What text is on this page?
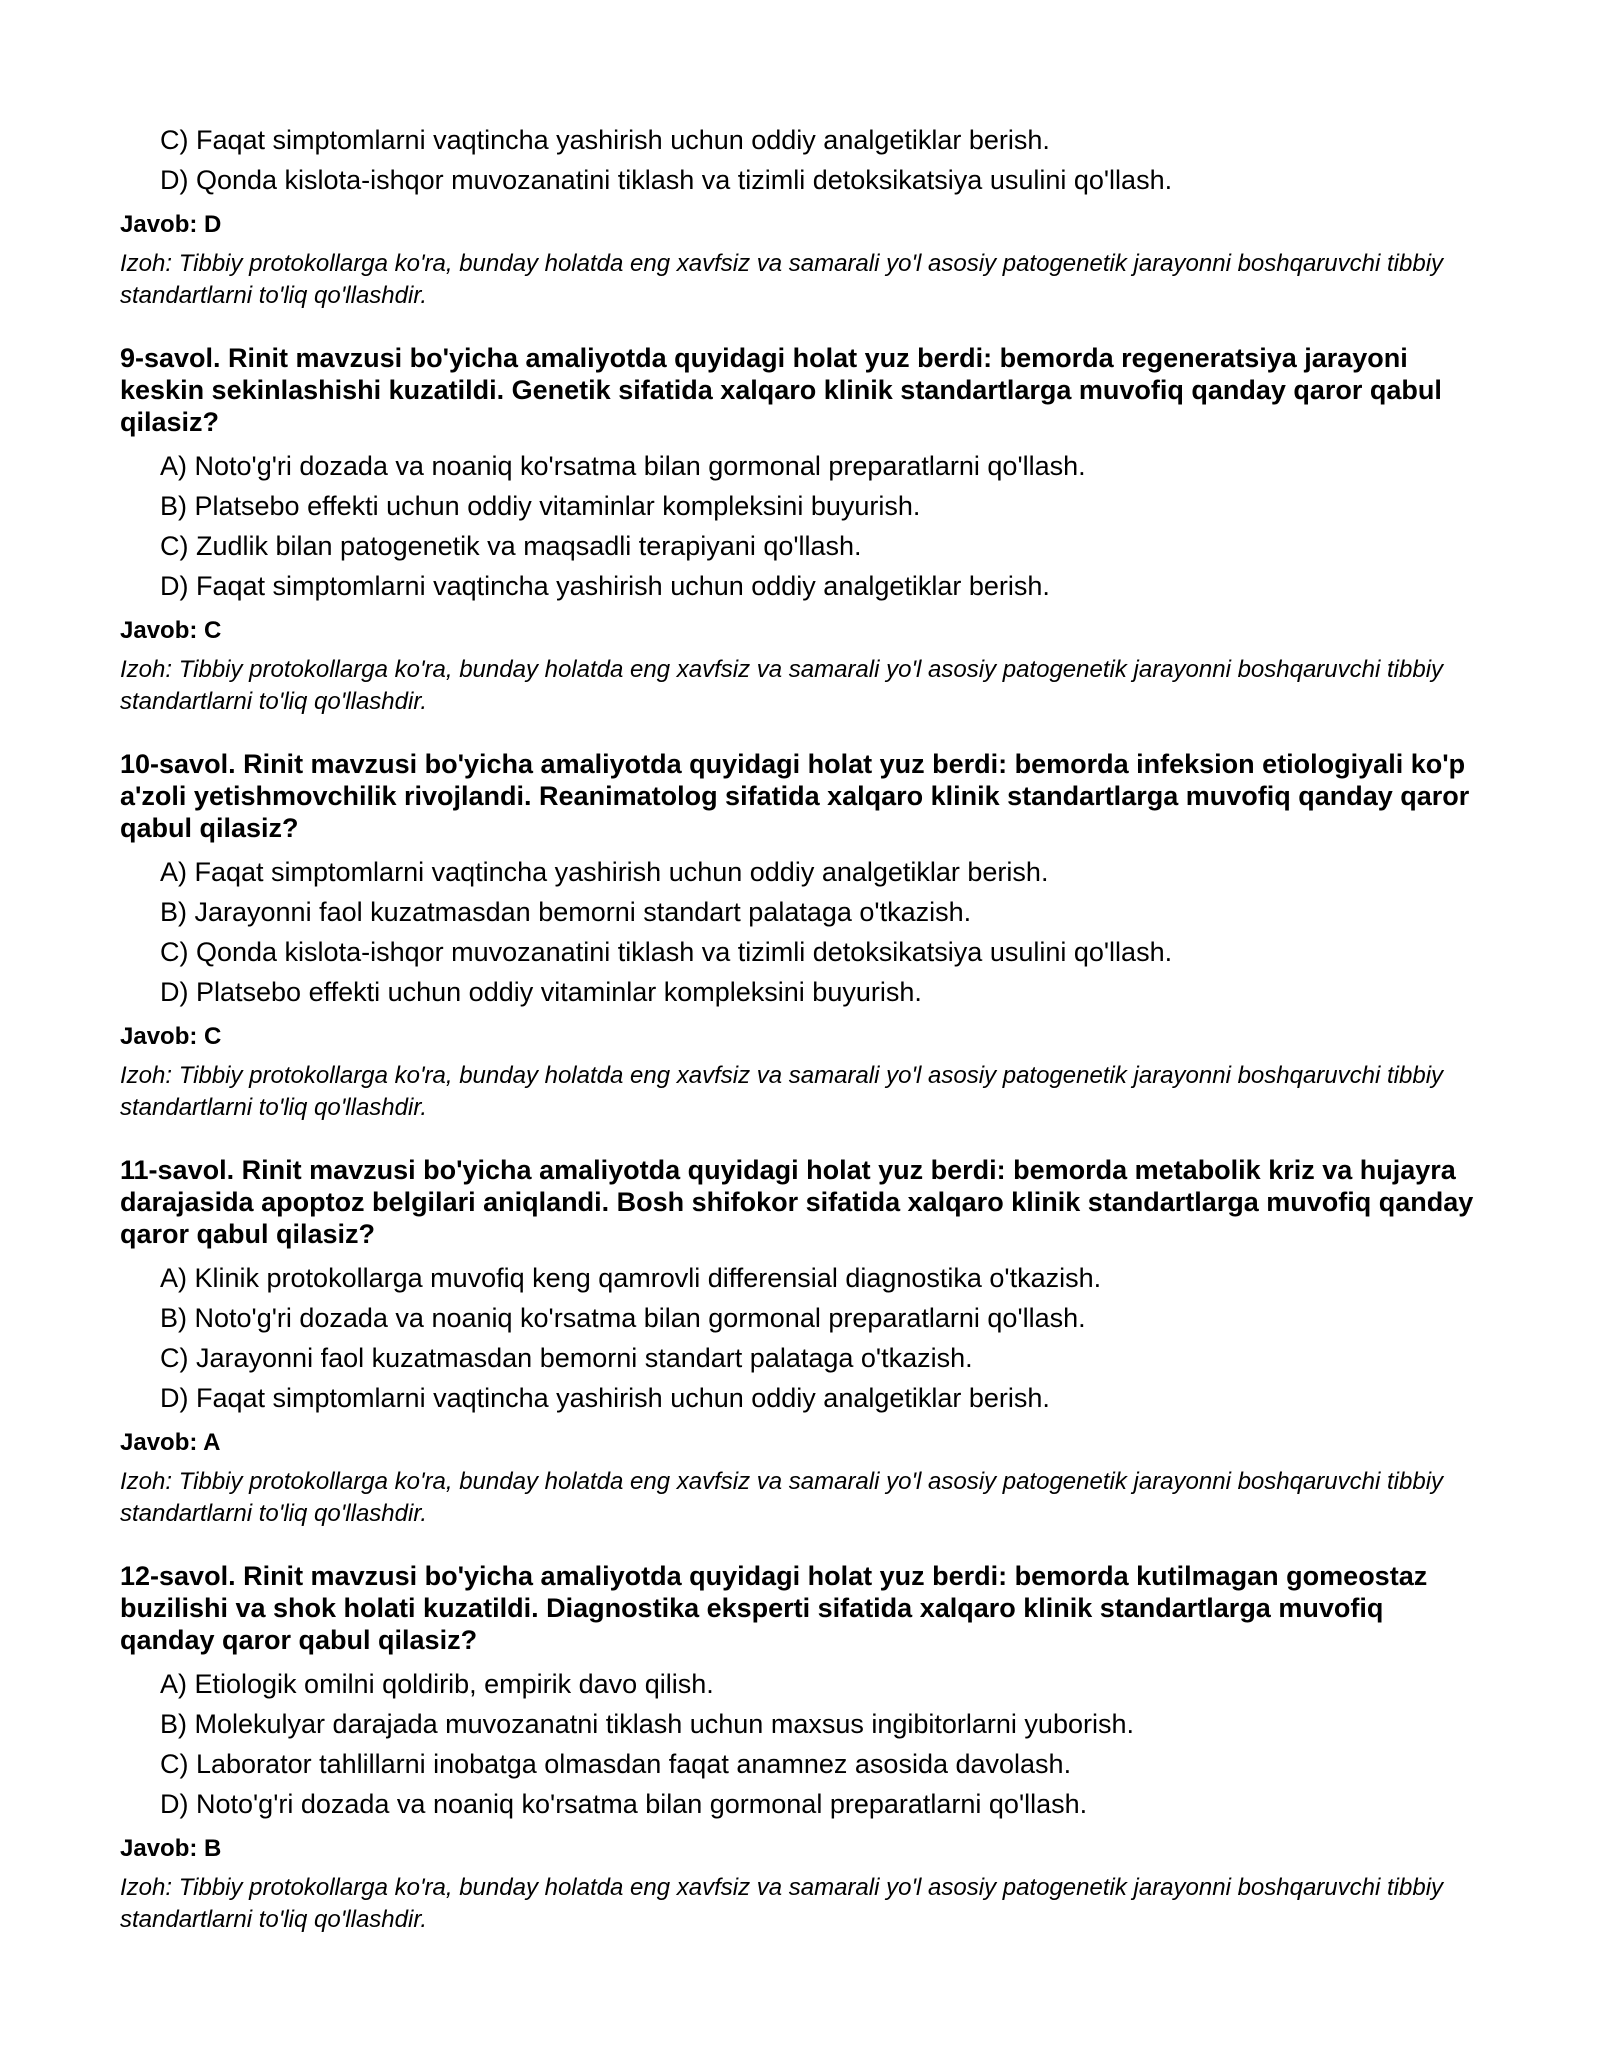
C) Faqat simptomlarni vaqtincha yashirish uchun oddiy analgetiklar berish.
D) Qonda kislota-ishqor muvozanatini tiklash va tizimli detoksikatsiya usulini qo'llash.
Javob: D
Izoh: Tibbiy protokollarga ko'ra, bunday holatda eng xavfsiz va samarali yo'l asosiy patogenetik jarayonni boshqaruvchi tibbiy standartlarni to'liq qo'llashdir.
9-savol. Rinit mavzusi bo'yicha amaliyotda quyidagi holat yuz berdi: bemorda regeneratsiya jarayoni keskin sekinlashishi kuzatildi. Genetik sifatida xalqaro klinik standartlarga muvofiq qanday qaror qabul qilasiz?
A) Noto'g'ri dozada va noaniq ko'rsatma bilan gormonal preparatlarni qo'llash.
B) Platsebo effekti uchun oddiy vitaminlar kompleksini buyurish.
C) Zudlik bilan patogenetik va maqsadli terapiyani qo'llash.
D) Faqat simptomlarni vaqtincha yashirish uchun oddiy analgetiklar berish.
Javob: C
Izoh: Tibbiy protokollarga ko'ra, bunday holatda eng xavfsiz va samarali yo'l asosiy patogenetik jarayonni boshqaruvchi tibbiy standartlarni to'liq qo'llashdir.
10-savol. Rinit mavzusi bo'yicha amaliyotda quyidagi holat yuz berdi: bemorda infeksion etiologiyali ko'p a'zoli yetishmovchilik rivojlandi. Reanimatolog sifatida xalqaro klinik standartlarga muvofiq qanday qaror qabul qilasiz?
A) Faqat simptomlarni vaqtincha yashirish uchun oddiy analgetiklar berish.
B) Jarayonni faol kuzatmasdan bemorni standart palataga o'tkazish.
C) Qonda kislota-ishqor muvozanatini tiklash va tizimli detoksikatsiya usulini qo'llash.
D) Platsebo effekti uchun oddiy vitaminlar kompleksini buyurish.
Javob: C
Izoh: Tibbiy protokollarga ko'ra, bunday holatda eng xavfsiz va samarali yo'l asosiy patogenetik jarayonni boshqaruvchi tibbiy standartlarni to'liq qo'llashdir.
11-savol. Rinit mavzusi bo'yicha amaliyotda quyidagi holat yuz berdi: bemorda metabolik kriz va hujayra darajasida apoptoz belgilari aniqlandi. Bosh shifokor sifatida xalqaro klinik standartlarga muvofiq qanday qaror qabul qilasiz?
A) Klinik protokollarga muvofiq keng qamrovli differensial diagnostika o'tkazish.
B) Noto'g'ri dozada va noaniq ko'rsatma bilan gormonal preparatlarni qo'llash.
C) Jarayonni faol kuzatmasdan bemorni standart palataga o'tkazish.
D) Faqat simptomlarni vaqtincha yashirish uchun oddiy analgetiklar berish.
Javob: A
Izoh: Tibbiy protokollarga ko'ra, bunday holatda eng xavfsiz va samarali yo'l asosiy patogenetik jarayonni boshqaruvchi tibbiy standartlarni to'liq qo'llashdir.
12-savol. Rinit mavzusi bo'yicha amaliyotda quyidagi holat yuz berdi: bemorda kutilmagan gomeostaz buzilishi va shok holati kuzatildi. Diagnostika eksperti sifatida xalqaro klinik standartlarga muvofiq qanday qaror qabul qilasiz?
A) Etiologik omilni qoldirib, empirik davo qilish.
B) Molekulyar darajada muvozanatni tiklash uchun maxsus ingibitorlarni yuborish.
C) Laborator tahlillarni inobatga olmasdan faqat anamnez asosida davolash.
D) Noto'g'ri dozada va noaniq ko'rsatma bilan gormonal preparatlarni qo'llash.
Javob: B
Izoh: Tibbiy protokollarga ko'ra, bunday holatda eng xavfsiz va samarali yo'l asosiy patogenetik jarayonni boshqaruvchi tibbiy standartlarni to'liq qo'llashdir.
